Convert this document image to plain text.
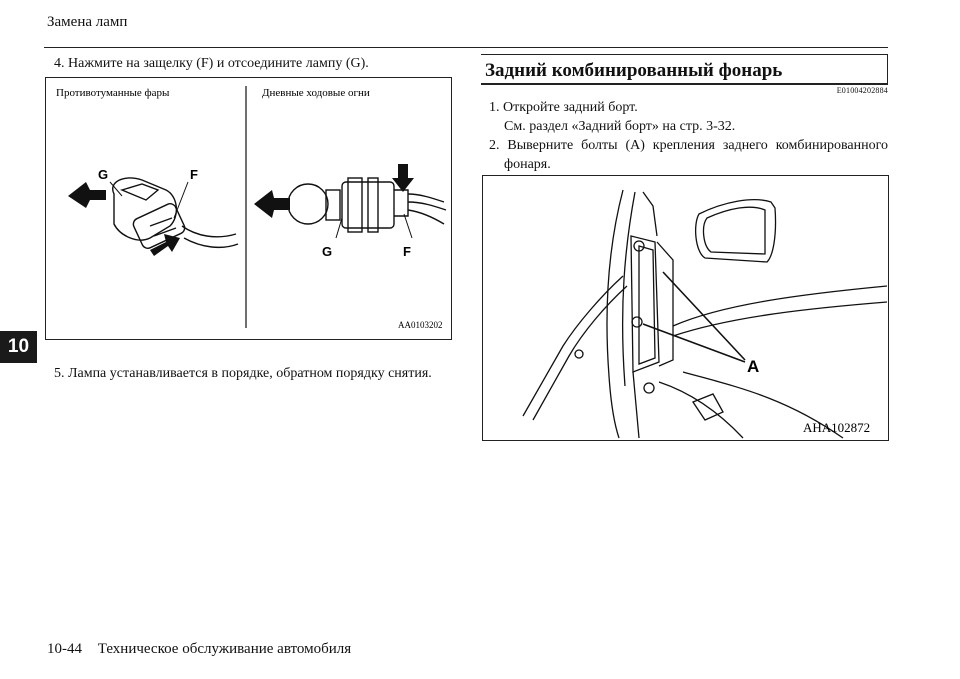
Замена ламп
10
4. Нажмите на защелку (F) и отсоедините лампу (G).
Противотуманные фары	Дневные ходовые огни
G	F
G	F
AA0103202
5. Лампа устанавливается в порядке, обратном порядку снятия.
Задний комбинированный фонарь
E01004202884
1. Откройте задний борт.
См. раздел «Задний борт» на стр. 3-32.
2. Выверните болты (A) крепления заднего комбинированного
фонаря.
A
AHA102872
10-44 Техническое обслуживание автомобиля
